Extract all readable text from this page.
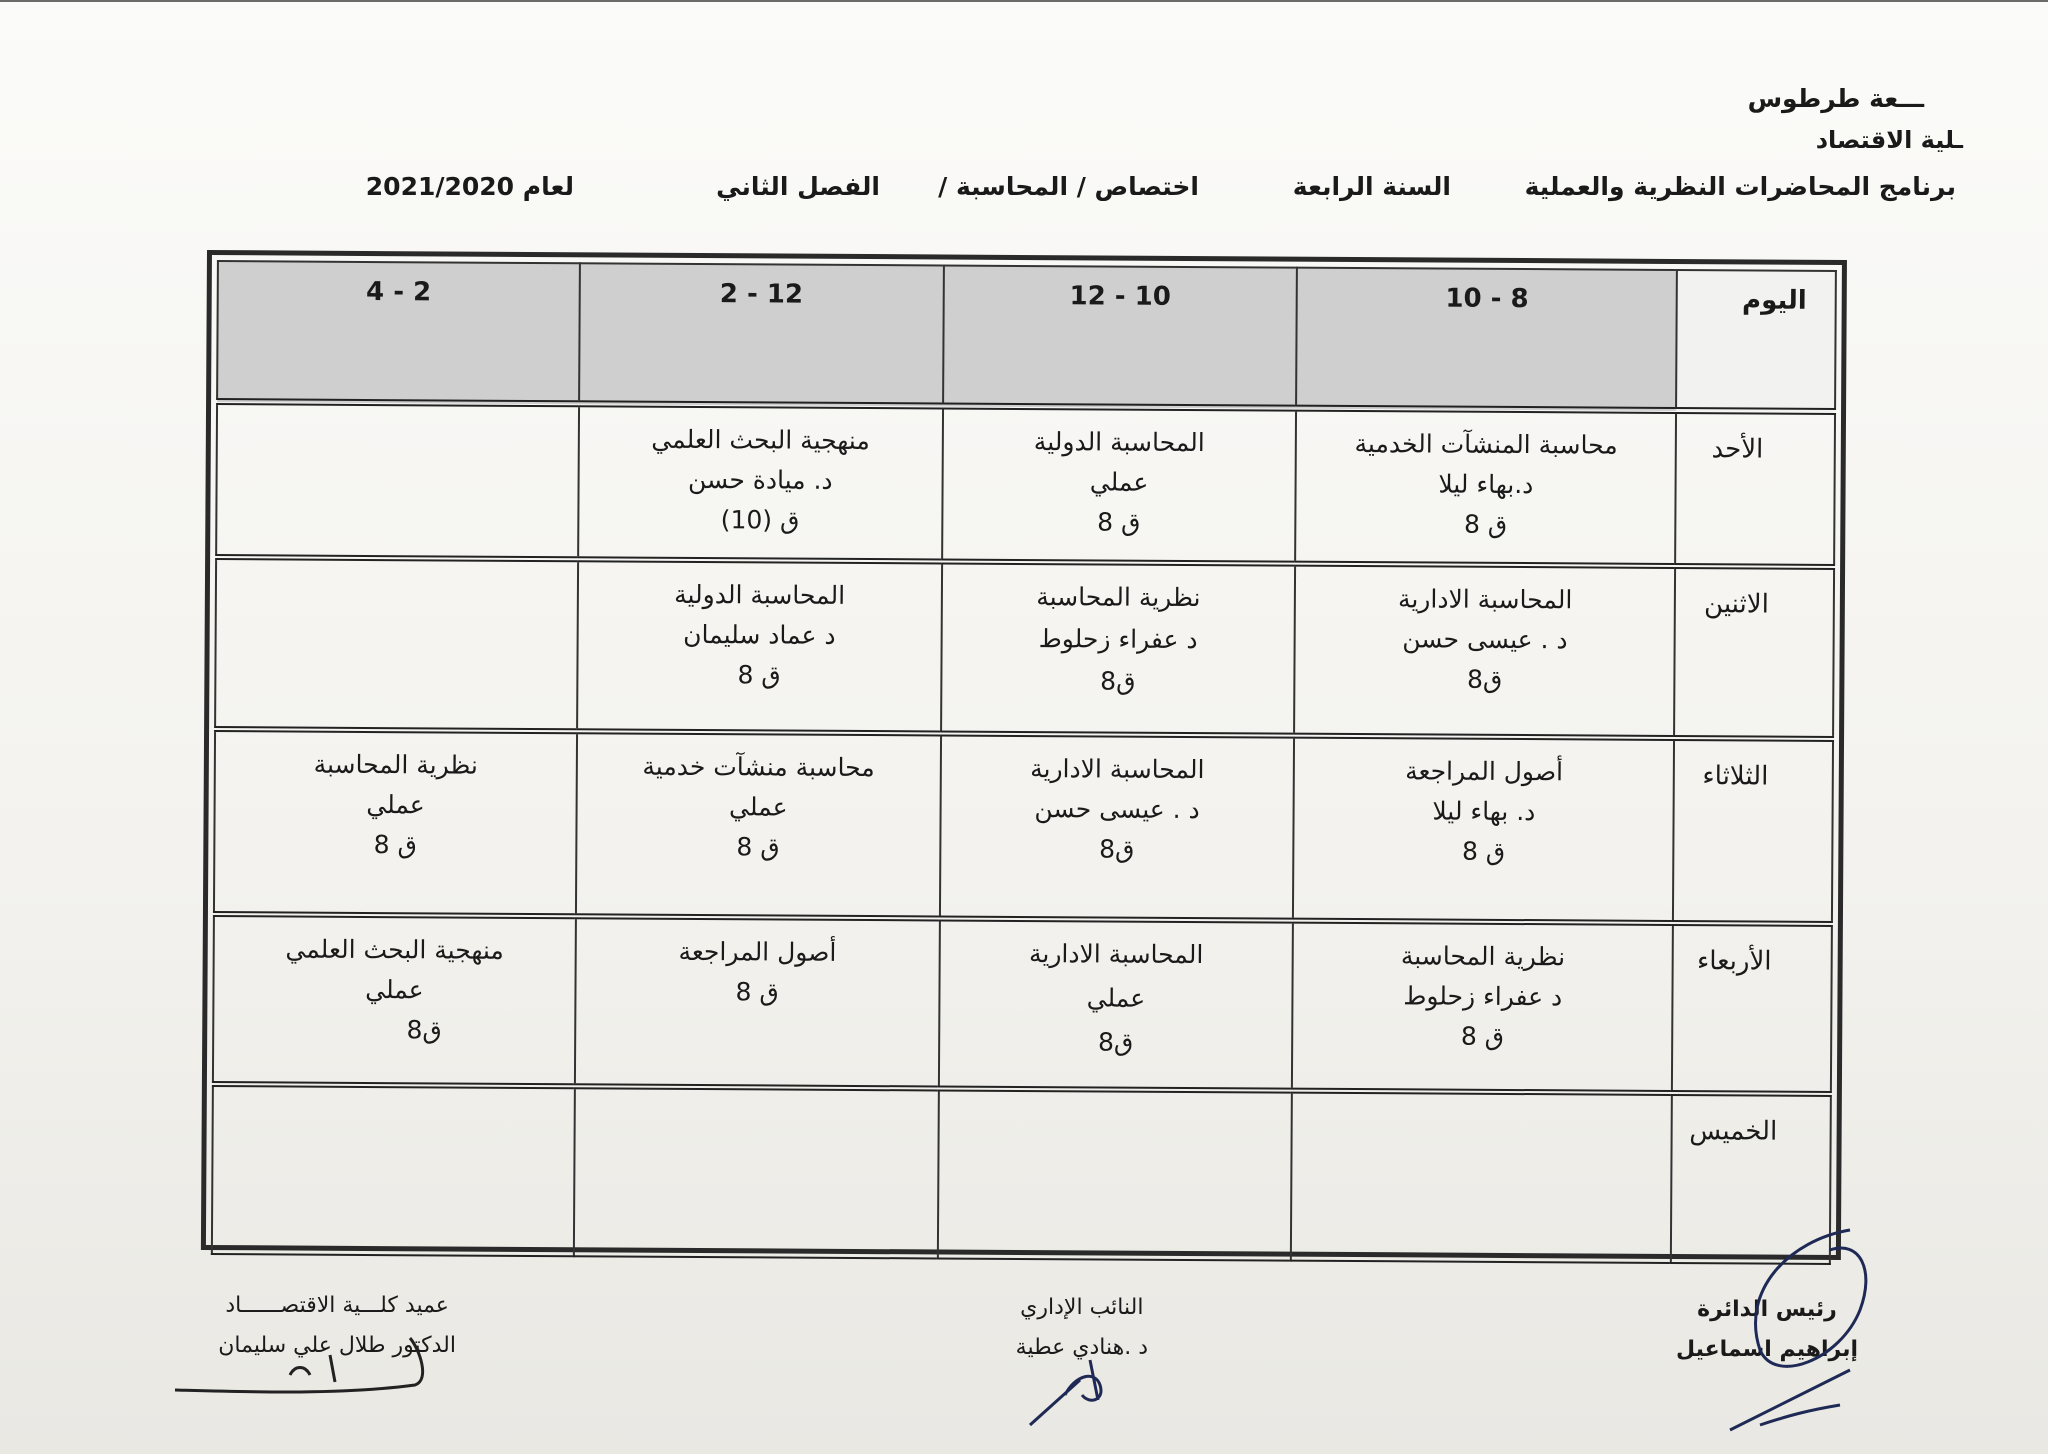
ـــعة طرطوس
ـلية الاقتصاد
برنامج المحاضرات النظرية والعملية
السنة الرابعة
اختصاص / المحاسبة /
الفصل الثاني
لعام 2021/2020
اليوم	8 - 10	10 - 12	12 - 2	2 - 4
الأحد	محاسبة المنشآت الخدمية
د.بهاء ليلا
ق 8	المحاسبة الدولية
عملي
ق 8	منهجية البحث العلمي
د. ميادة حسن
ق (10)	

الاثنين	المحاسبة الادارية
د . عيسى حسن
ق8	نظرية المحاسبة
د عفراء زحلوط
ق8	المحاسبة الدولية
د عماد سليمان
ق 8	

الثلاثاء	أصول المراجعة
د. بهاء ليلا
ق 8	المحاسبة الادارية
د . عيسى حسن
ق8	محاسبة منشآت خدمية
عملي
ق 8	نظرية المحاسبة
عملي
ق 8

الأربعاء	نظرية المحاسبة
د عفراء زحلوط
ق 8	المحاسبة الادارية
عملي
ق8	أصول المراجعة
ق 8	منهجية البحث العلمي
عملي
ق8

الخميس				
رئيس الدائرة
إبراهيم اسماعيل
النائب الإداري
د .هنادي عطية
عميد كلـــية الاقتصــــــاد
الدكتور طلال علي سليمان
